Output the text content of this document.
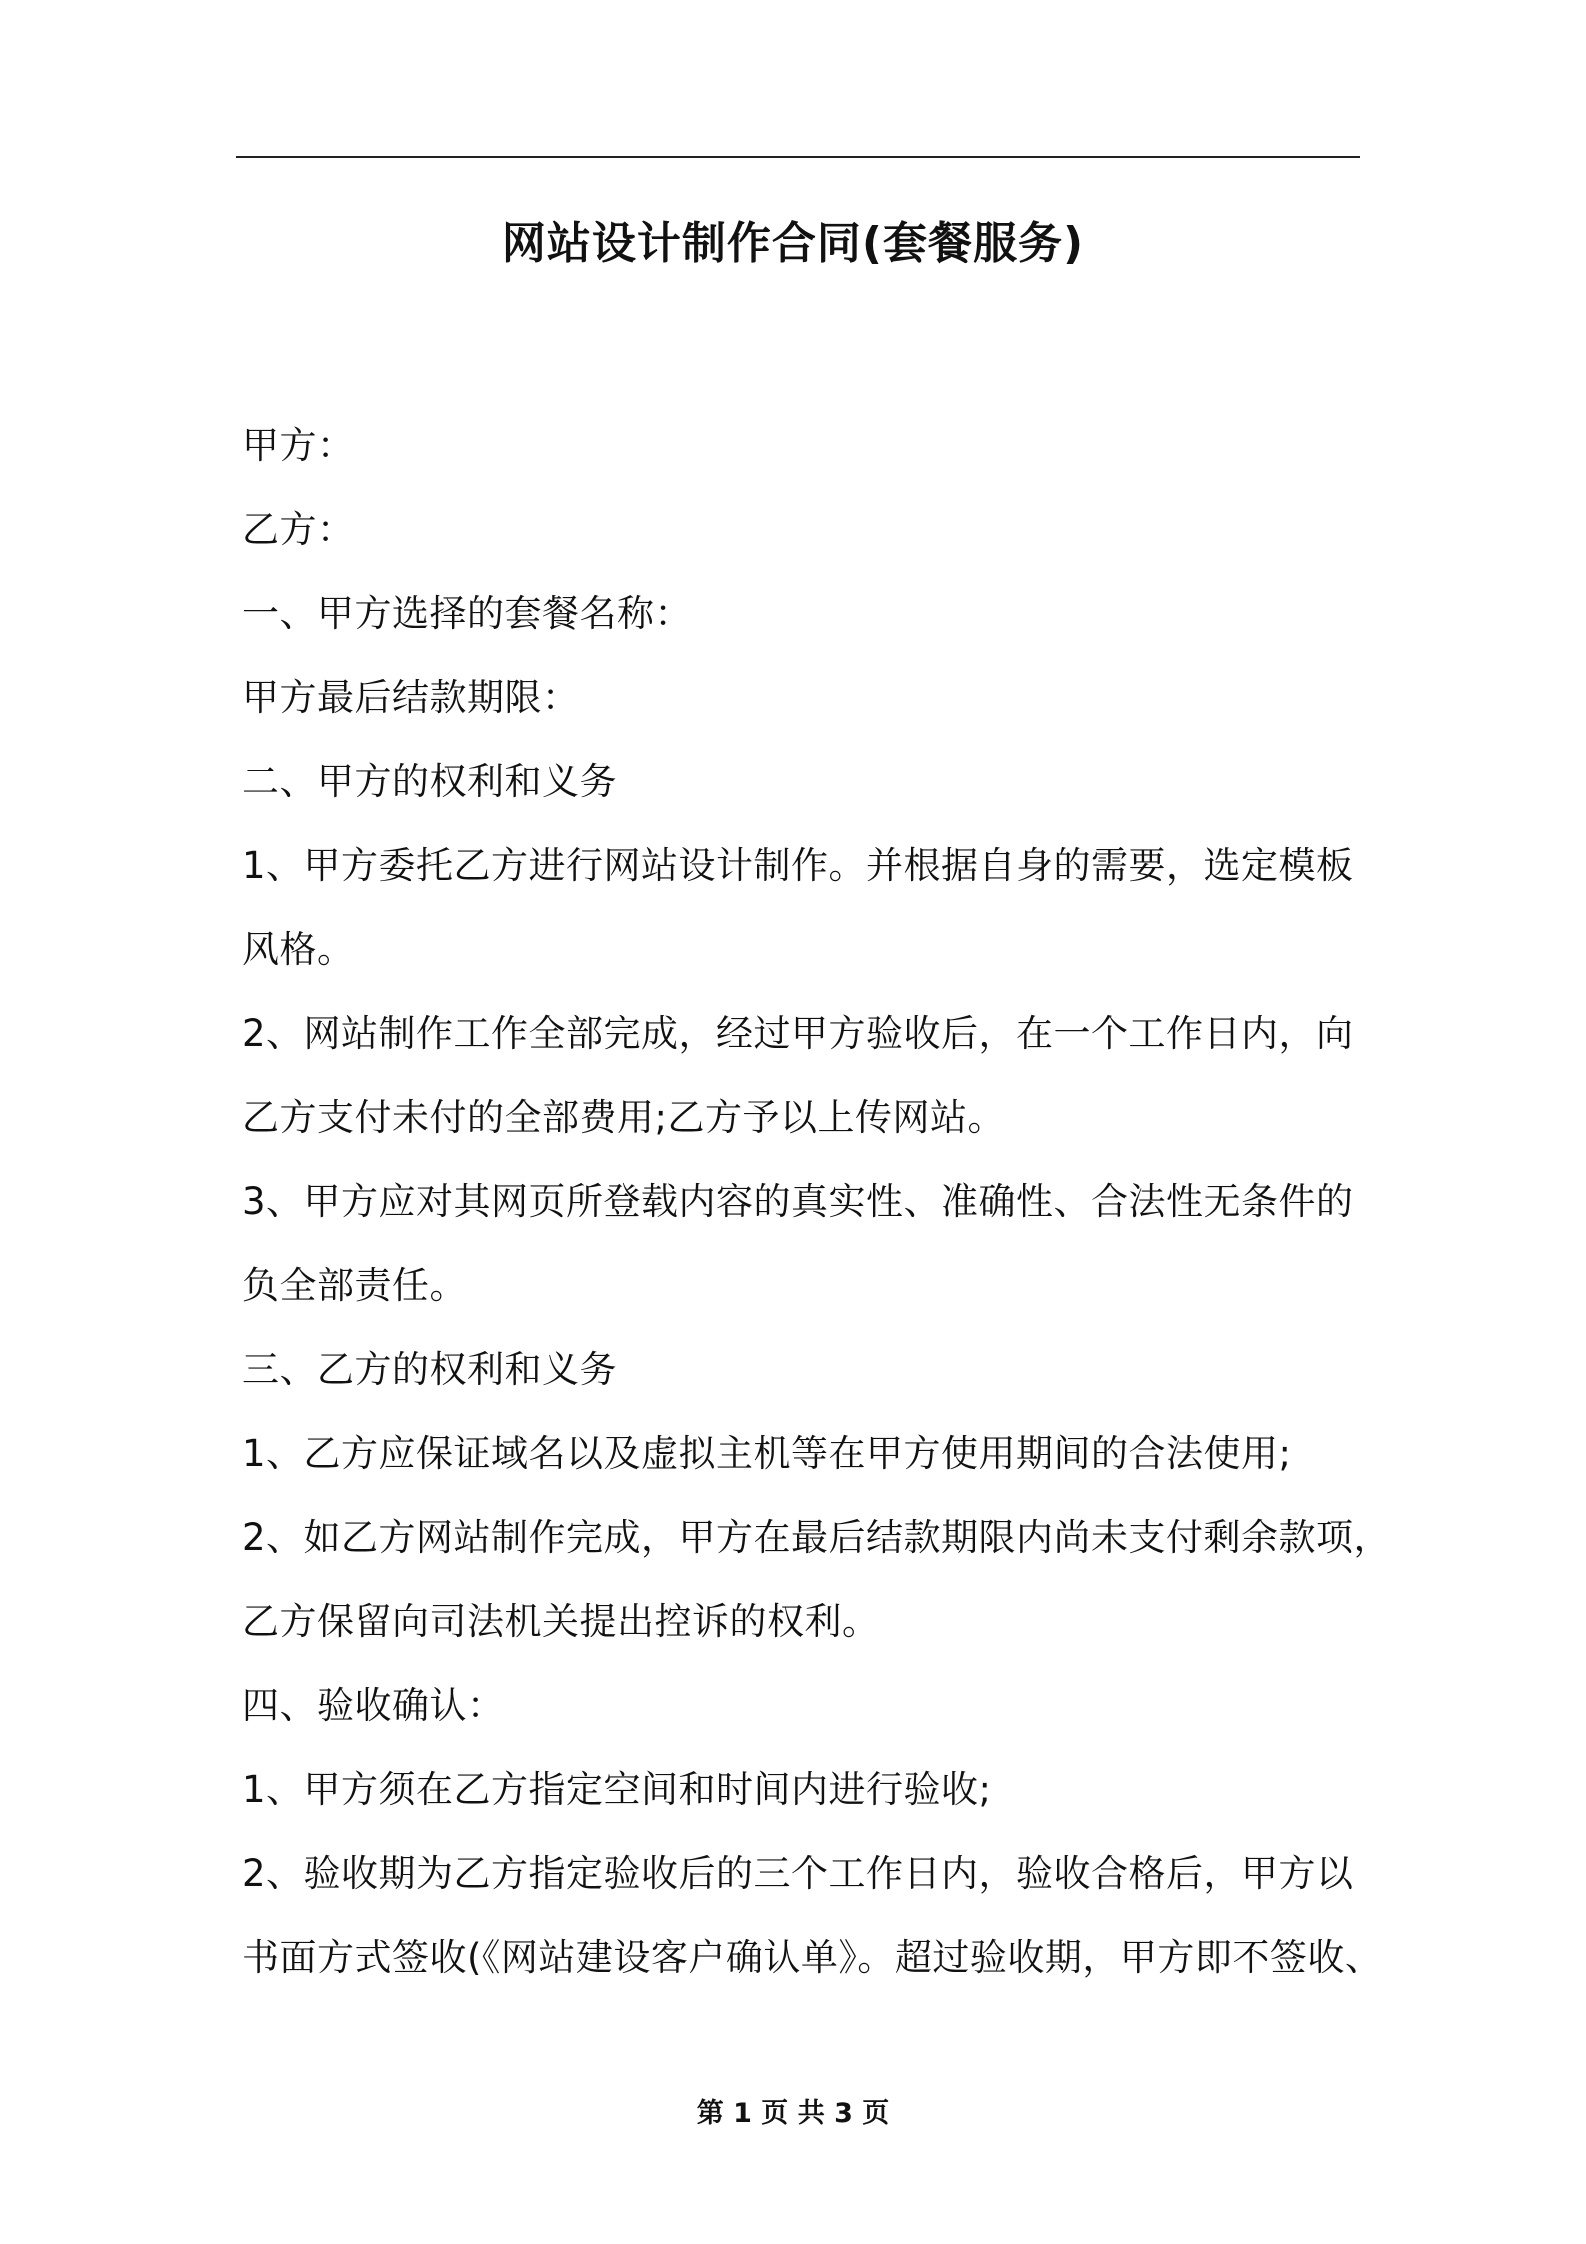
网站设计制作合同(套餐服务)
甲方：
乙方：
一、甲方选择的套餐名称：
甲方最后结款期限：
二、甲方的权利和义务
1、甲方委托乙方进行网站设计制作。并根据自身的需要，选定模板
风格。
2、网站制作工作全部完成，经过甲方验收后，在一个工作日内，向
乙方支付未付的全部费用;乙方予以上传网站。
3、甲方应对其网页所登载内容的真实性、准确性、合法性无条件的
负全部责任。
三、乙方的权利和义务
1、乙方应保证域名以及虚拟主机等在甲方使用期间的合法使用;
2、如乙方网站制作完成，甲方在最后结款期限内尚未支付剩余款项，
乙方保留向司法机关提出控诉的权利。
四、验收确认：
1、甲方须在乙方指定空间和时间内进行验收;
2、验收期为乙方指定验收后的三个工作日内，验收合格后，甲方以
书面方式签收(《网站建设客户确认单》。超过验收期，甲方即不签收、
第 1 页 共 3 页
